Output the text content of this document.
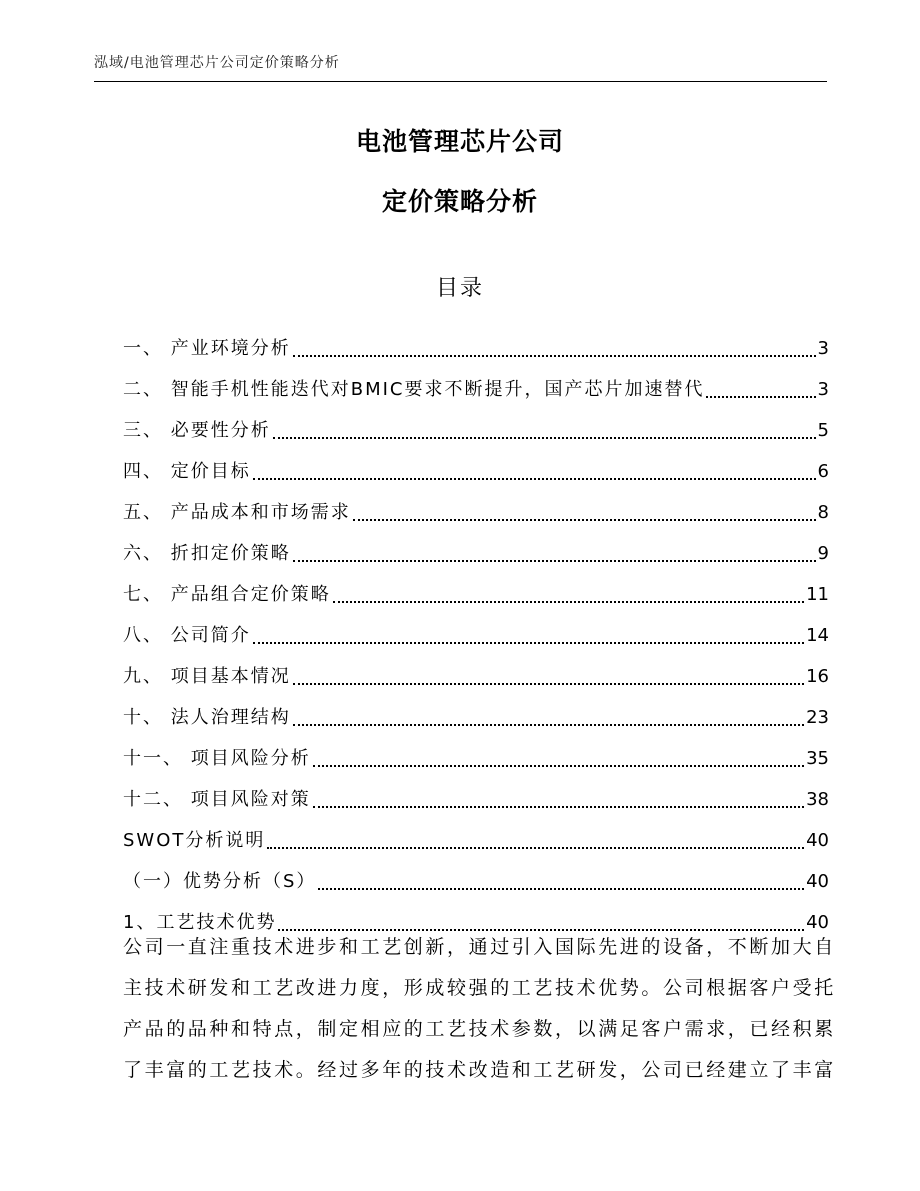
泓域/电池管理芯片公司定价策略分析
电池管理芯片公司
定价策略分析
目录
一、 产业环境分析	3
二、 智能手机性能迭代对BMIC要求不断提升，国产芯片加速替代	3
三、 必要性分析	5
四、 定价目标	6
五、 产品成本和市场需求	8
六、 折扣定价策略	9
七、 产品组合定价策略	11
八、 公司简介	14
九、 项目基本情况	16
十、 法人治理结构	23
十一、 项目风险分析	35
十二、 项目风险对策	38
SWOT分析说明	40
（一）优势分析（S）	40
1、工艺技术优势	40

公司一直注重技术进步和工艺创新，通过引入国际先进的设备，不断加大自
主技术研发和工艺改进力度，形成较强的工艺技术优势。公司根据客户受托
产品的品种和特点，制定相应的工艺技术参数，以满足客户需求，已经积累
了丰富的工艺技术。经过多年的技术改造和工艺研发，公司已经建立了丰富
